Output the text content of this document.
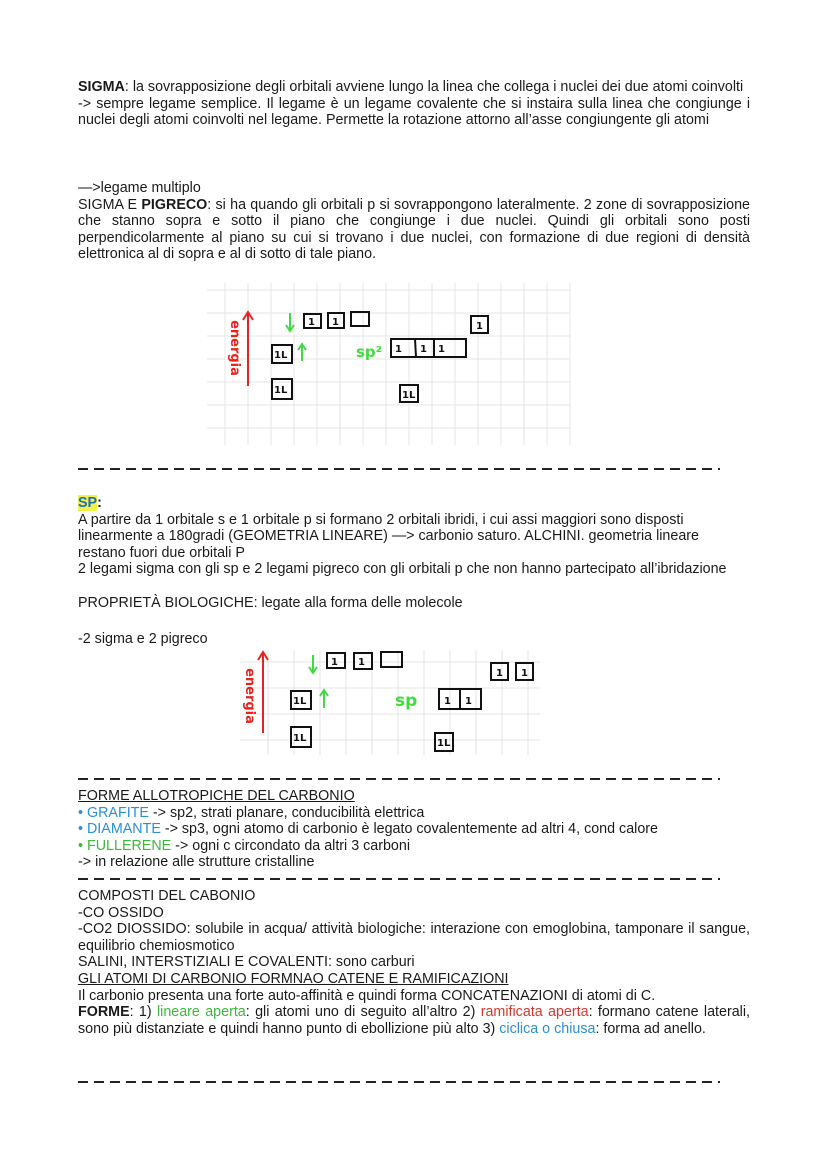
SIGMA: la sovrapposizione degli orbitali avviene lungo la linea che collega i nuclei dei due atomi coinvolti

-> sempre legame semplice. Il legame è un legame covalente che si instaira sulla linea che congiunge i nuclei degli atomi coinvolti nel legame. Permette la rotazione attorno all’asse congiungente gli atomi

—>legame multiplo

SIGMA E PIGRECO: si ha quando gli orbitali p si sovrappongono lateralmente. 2 zone di sovrapposizione che stanno sopra e sotto il piano che congiunge i due nuclei. Quindi gli orbitali sono posti perpendicolarmente al piano su cui si trovano i due nuclei, con formazione di due regioni di densità elettronica al di sopra e al di sotto di tale piano.

energia	sp²
1 1
1L
1L
1 1 1
1
1L
energia	sp
1 1
1L
1L
1 1
1 1
1L

SP:

A partire da 1 orbitale s e 1 orbitale p si formano 2 orbitali ibridi, i cui assi maggiori sono disposti linearmente a 180gradi (GEOMETRIA LINEARE) —> carbonio saturo. ALCHINI. geometria lineare

restano fuori due orbitali P

2 legami sigma con gli sp e 2 legami pigreco con gli orbitali p che non hanno partecipato all’ibridazione

PROPRIETÀ BIOLOGICHE: legate alla forma delle molecole

-2 sigma e 2 pigreco

FORME ALLOTROPICHE DEL CARBONIO

• GRAFITE -> sp2, strati planare, conducibilità elettrica

• DIAMANTE -> sp3, ogni atomo di carbonio è legato covalentemente ad altri 4, cond calore

• FULLERENE -> ogni c circondato da altri 3 carboni

-> in relazione alle strutture cristalline

COMPOSTI DEL CABONIO

-CO OSSIDO

-CO2 DIOSSIDO: solubile in acqua/ attività biologiche: interazione con emoglobina, tamponare il sangue, equilibrio chemiosmotico

SALINI, INTERSTIZIALI E COVALENTI: sono carburi

GLI ATOMI DI CARBONIO FORMNAO CATENE E RAMIFICAZIONI

Il carbonio presenta una forte auto-affinità e quindi forma CONCATENAZIONI di atomi di C.

FORME: 1) lineare aperta: gli atomi uno di seguito all’altro 2) ramificata aperta: formano catene laterali, sono più distanziate e quindi hanno punto di ebollizione più alto 3) ciclica o chiusa: forma ad anello.
